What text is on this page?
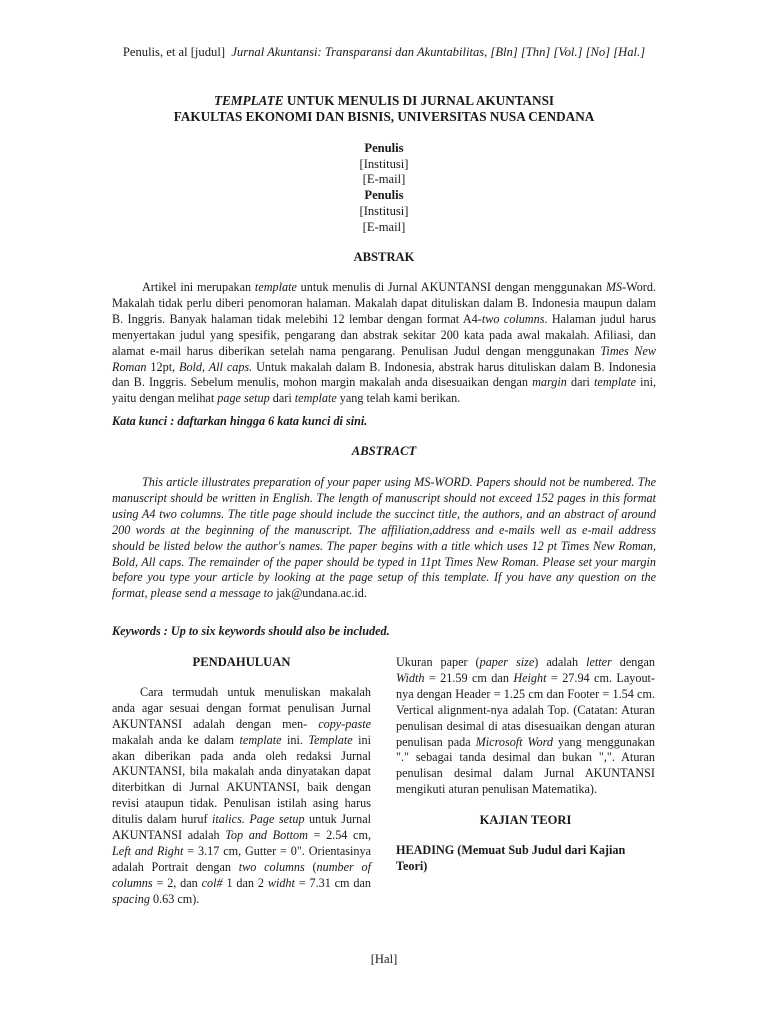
Penulis, et al [judul] Jurnal Akuntansi: Transparansi dan Akuntabilitas, [Bln] [Thn] [Vol.] [No] [Hal.]
TEMPLATE UNTUK MENULIS DI JURNAL AKUNTANSI
FAKULTAS EKONOMI DAN BISNIS, UNIVERSITAS NUSA CENDANA
Penulis
[Institusi]
[E-mail]
Penulis
[Institusi]
[E-mail]
ABSTRAK
Artikel ini merupakan template untuk menulis di Jurnal AKUNTANSI dengan menggunakan MS-Word. Makalah tidak perlu diberi penomoran halaman. Makalah dapat dituliskan dalam B. Indonesia maupun dalam B. Inggris. Banyak halaman tidak melebihi 12 lembar dengan format A4-two columns. Halaman judul harus menyertakan judul yang spesifik, pengarang dan abstrak sekitar 200 kata pada awal makalah. Afiliasi, dan alamat e-mail harus diberikan setelah nama pengarang. Penulisan Judul dengan menggunakan Times New Roman 12pt, Bold, All caps. Untuk makalah dalam B. Indonesia, abstrak harus dituliskan dalam B. Indonesia dan B. Inggris. Sebelum menulis, mohon margin makalah anda disesuaikan dengan margin dari template ini, yaitu dengan melihat page setup dari template yang telah kami berikan.
Kata kunci : daftarkan hingga 6 kata kunci di sini.
ABSTRACT
This article illustrates preparation of your paper using MS-WORD. Papers should not be numbered. The manuscript should be written in English. The length of manuscript should not exceed 152 pages in this format using A4 two columns. The title page should include the succinct title, the authors, and an abstract of around 200 words at the beginning of the manuscript. The affiliation,address and e-mails well as e-mail address should be listed below the author's names. The paper begins with a title which uses 12 pt Times New Roman, Bold, All caps. The remainder of the paper should be typed in 11pt Times New Roman. Please set your margin before you type your article by looking at the page setup of this template. If you have any question on the format, please send a message to jak@undana.ac.id.
Keywords : Up to six keywords should also be included.
PENDAHULUAN
Cara termudah untuk menuliskan makalah anda agar sesuai dengan format penulisan Jurnal AKUNTANSI adalah dengan men- copy-paste makalah anda ke dalam template ini. Template ini akan diberikan pada anda oleh redaksi Jurnal AKUNTANSI, bila makalah anda dinyatakan dapat diterbitkan di Jurnal AKUNTANSI, baik dengan revisi ataupun tidak. Penulisan istilah asing harus ditulis dalam huruf italics. Page setup untuk Jurnal AKUNTANSI adalah Top and Bottom = 2.54 cm, Left and Right = 3.17 cm, Gutter = 0". Orientasinya adalah Portrait dengan two columns (number of columns = 2, dan col# 1 dan 2 widht = 7.31 cm dan spacing 0.63 cm).
Ukuran paper (paper size) adalah letter dengan Width = 21.59 cm dan Height = 27.94 cm. Layout-nya dengan Header = 1.25 cm dan Footer = 1.54 cm. Vertical alignment-nya adalah Top. (Catatan: Aturan penulisan desimal di atas disesuaikan dengan aturan penulisan pada Microsoft Word yang menggunakan "." sebagai tanda desimal dan bukan ",". Aturan penulisan desimal dalam Jurnal AKUNTANSI mengikuti aturan penulisan Matematika).
KAJIAN TEORI
HEADING (Memuat Sub Judul dari Kajian Teori)
[Hal]
